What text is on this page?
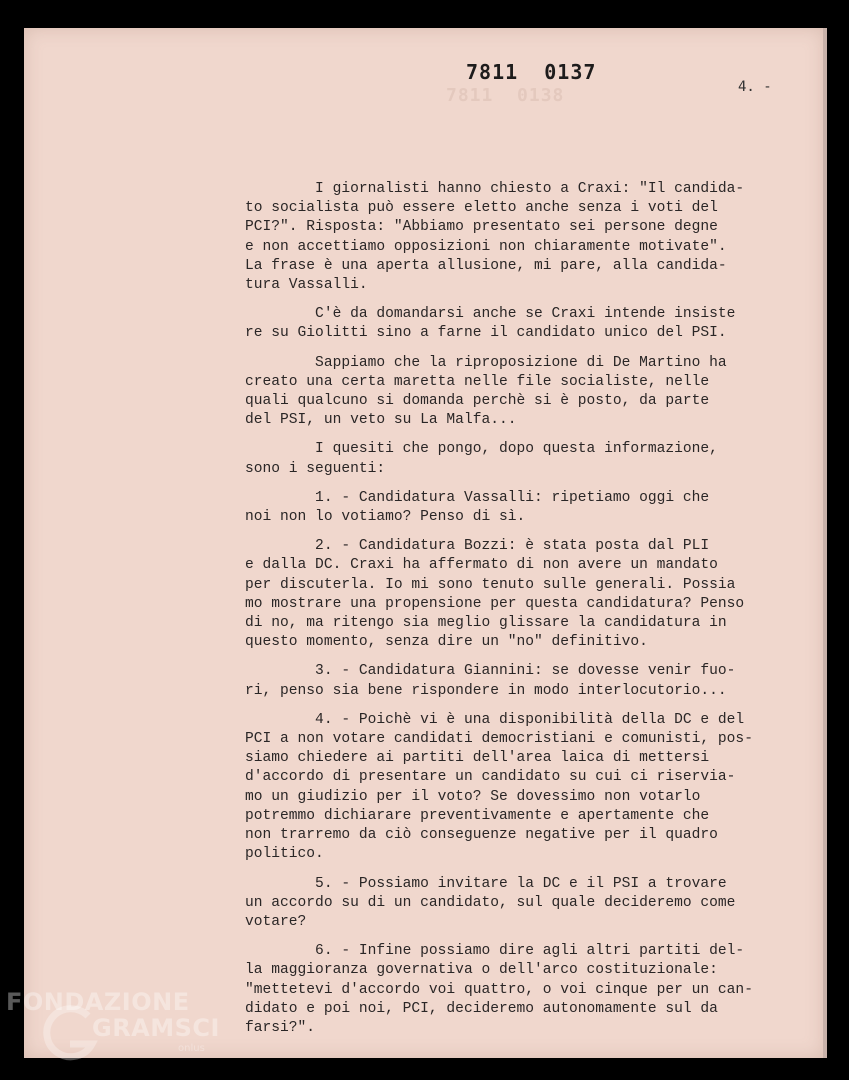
7811  0137
7811  0138	4. -

I giornalisti hanno chiesto a Craxi: "Il candida-
to socialista può essere eletto anche senza i voti del
PCI?". Risposta: "Abbiamo presentato sei persone degne
e non accettiamo opposizioni non chiaramente motivate".
La frase è una aperta allusione, mi pare, alla candida-
tura Vassalli.

C'è da domandarsi anche se Craxi intende insiste
re su Giolitti sino a farne il candidato unico del PSI.

Sappiamo che la riproposizione di De Martino ha
creato una certa maretta nelle file socialiste, nelle
quali qualcuno si domanda perchè si è posto, da parte
del PSI, un veto su La Malfa...

I quesiti che pongo, dopo questa informazione,
sono i seguenti:

1. - Candidatura Vassalli: ripetiamo oggi che
noi non lo votiamo? Penso di sì.

2. - Candidatura Bozzi: è stata posta dal PLI
e dalla DC. Craxi ha affermato di non avere un mandato
per discuterla. Io mi sono tenuto sulle generali. Possia
mo mostrare una propensione per questa candidatura? Penso
di no, ma ritengo sia meglio glissare la candidatura in
questo momento, senza dire un "no" definitivo.

3. - Candidatura Giannini: se dovesse venir fuo-
ri, penso sia bene rispondere in modo interlocutorio...

4. - Poichè vi è una disponibilità della DC e del
PCI a non votare candidati democristiani e comunisti, pos-
siamo chiedere ai partiti dell'area laica di mettersi
d'accordo di presentare un candidato su cui ci riservia-
mo un giudizio per il voto? Se dovessimo non votarlo
potremmo dichiarare preventivamente e apertamente che
non trarremo da ciò conseguenze negative per il quadro
politico.

5. - Possiamo invitare la DC e il PSI a trovare
un accordo su di un candidato, sul quale decideremo come
votare?

6. - Infine possiamo dire agli altri partiti del-
la maggioranza governativa o dell'arco costituzionale:
"mettetevi d'accordo voi quattro, o voi cinque per un can-
didato e poi noi, PCI, decideremo autonomamente sul da
farsi?".

FONDAZIONE
GRAMSCI
onlus
